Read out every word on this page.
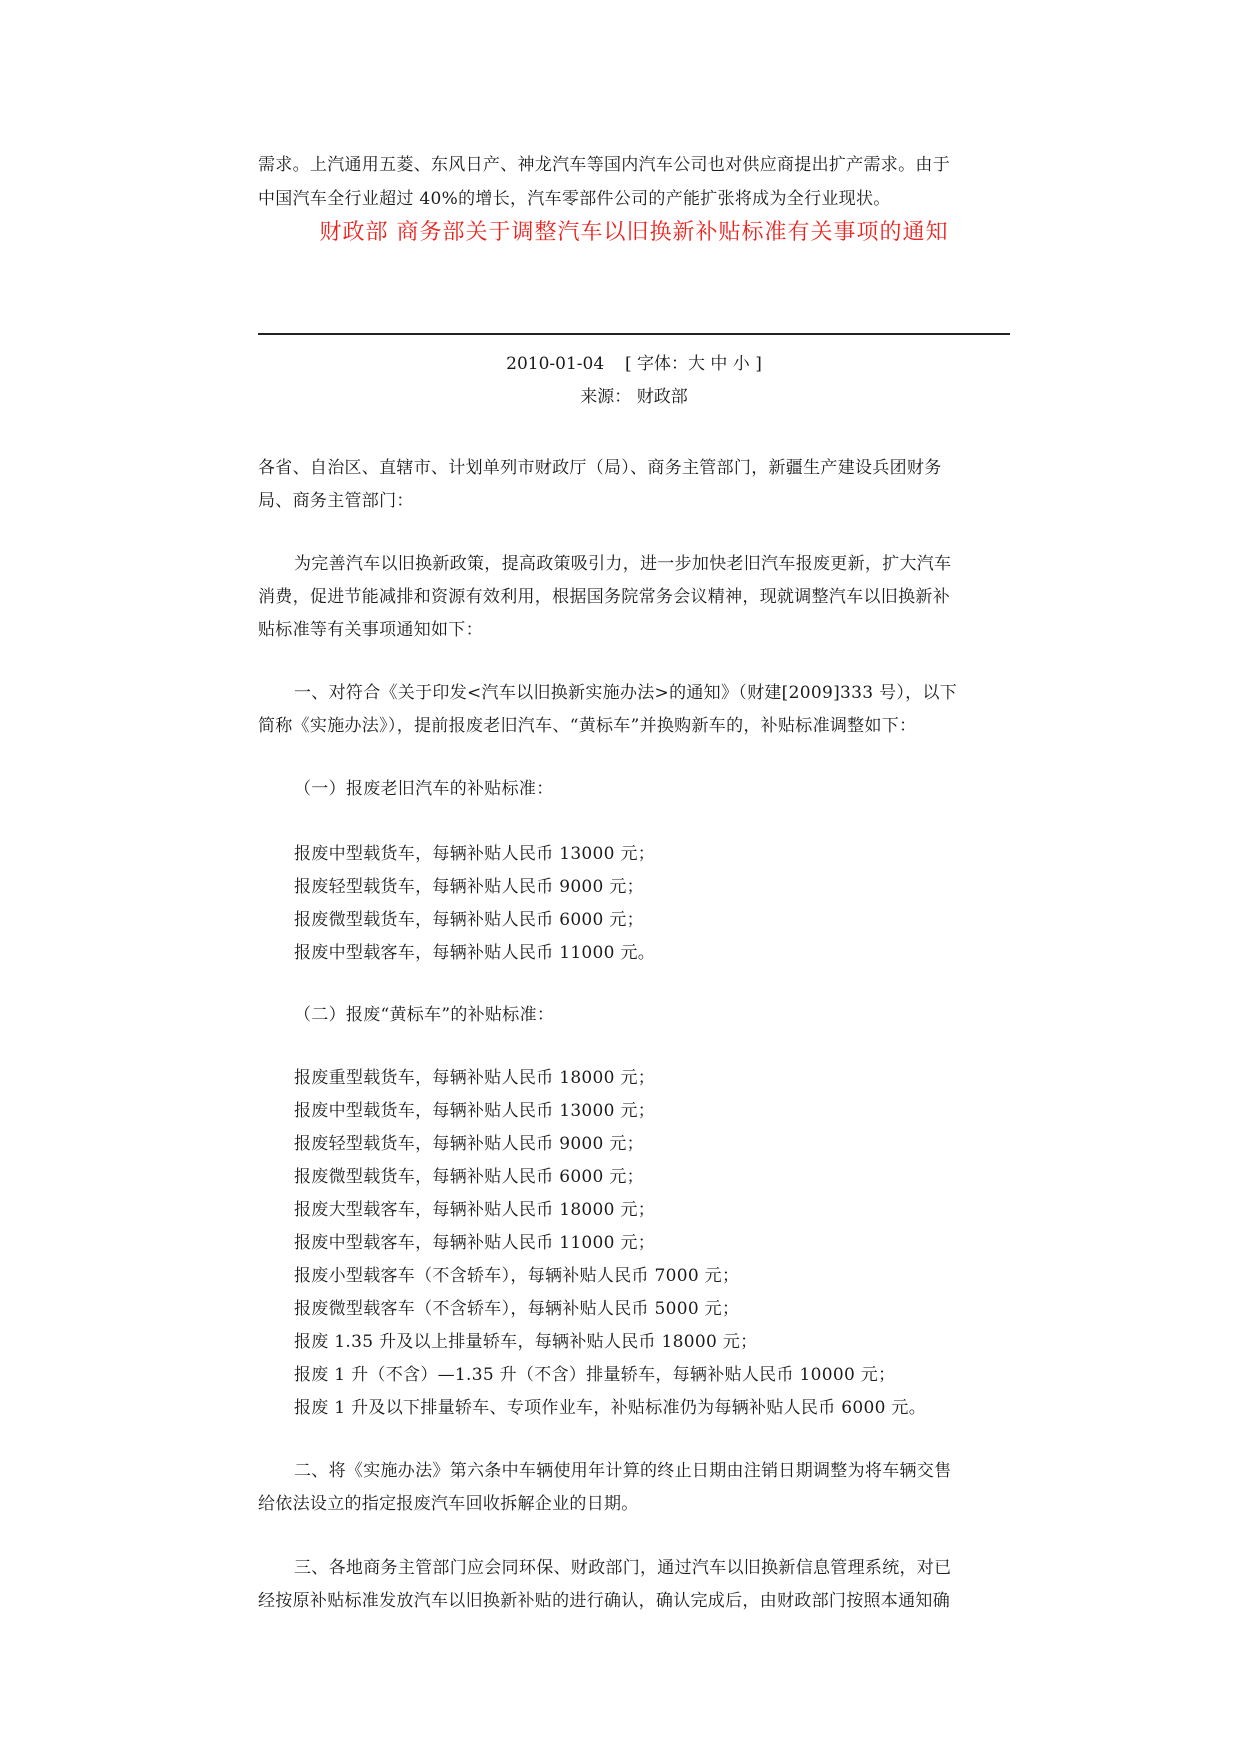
需求。上汽通用五菱、东风日产、神龙汽车等国内汽车公司也对供应商提出扩产需求。由于
中国汽车全行业超过 40%的增长，汽车零部件公司的产能扩张将成为全行业现状。
财政部 商务部关于调整汽车以旧换新补贴标准有关事项的通知
2010-01-04 [ 字体：大 中 小 ]
来源： 财政部
各省、自治区、直辖市、计划单列市财政厅（局）、商务主管部门，新疆生产建设兵团财务
局、商务主管部门：
为完善汽车以旧换新政策，提高政策吸引力，进一步加快老旧汽车报废更新，扩大汽车
消费，促进节能减排和资源有效利用，根据国务院常务会议精神，现就调整汽车以旧换新补
贴标准等有关事项通知如下：
一、对符合《关于印发<汽车以旧换新实施办法>的通知》（财建[2009]333 号），以下
简称《实施办法》），提前报废老旧汽车、“黄标车”并换购新车的，补贴标准调整如下：
（一）报废老旧汽车的补贴标准：
报废中型载货车，每辆补贴人民币 13000 元；
报废轻型载货车，每辆补贴人民币 9000 元；
报废微型载货车，每辆补贴人民币 6000 元；
报废中型载客车，每辆补贴人民币 11000 元。
（二）报废“黄标车”的补贴标准：
报废重型载货车，每辆补贴人民币 18000 元；
报废中型载货车，每辆补贴人民币 13000 元；
报废轻型载货车，每辆补贴人民币 9000 元；
报废微型载货车，每辆补贴人民币 6000 元；
报废大型载客车，每辆补贴人民币 18000 元；
报废中型载客车，每辆补贴人民币 11000 元；
报废小型载客车（不含轿车），每辆补贴人民币 7000 元；
报废微型载客车（不含轿车），每辆补贴人民币 5000 元；
报废 1.35 升及以上排量轿车，每辆补贴人民币 18000 元；
报废 1 升（不含）—1.35 升（不含）排量轿车，每辆补贴人民币 10000 元；
报废 1 升及以下排量轿车、专项作业车，补贴标准仍为每辆补贴人民币 6000 元。
二、将《实施办法》第六条中车辆使用年计算的终止日期由注销日期调整为将车辆交售
给依法设立的指定报废汽车回收拆解企业的日期。
三、各地商务主管部门应会同环保、财政部门，通过汽车以旧换新信息管理系统，对已
经按原补贴标准发放汽车以旧换新补贴的进行确认，确认完成后，由财政部门按照本通知确
